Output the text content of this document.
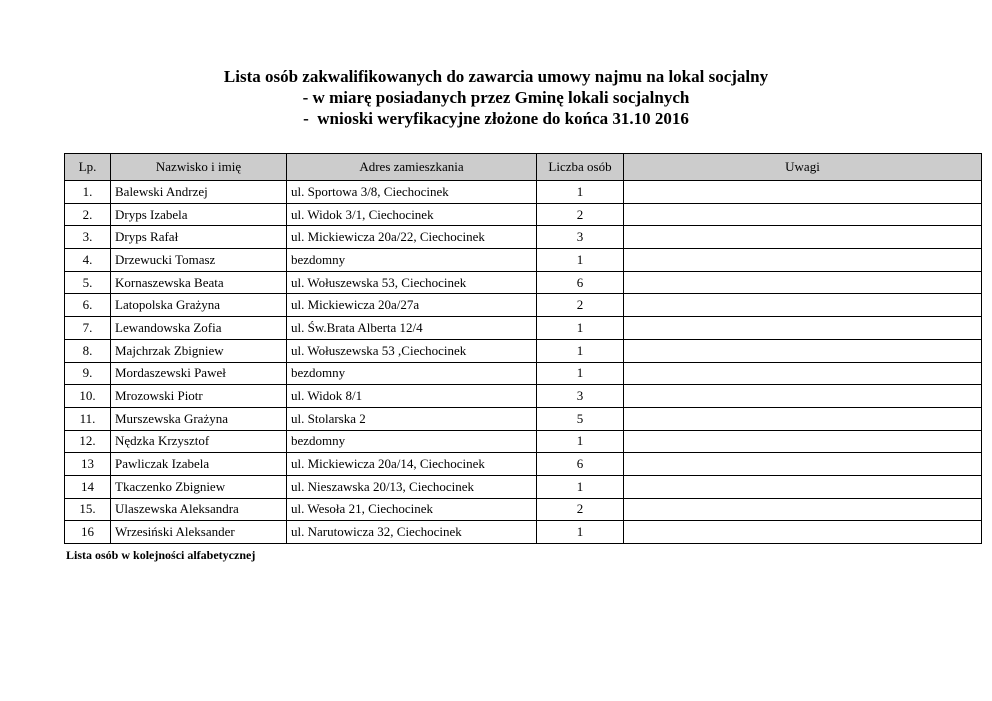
Lista osób zakwalifikowanych do zawarcia umowy najmu na lokal socjalny
- w miarę posiadanych przez Gminę lokali socjalnych
-  wnioski weryfikacyjne złożone do końca 31.10 2016
Lp.	Nazwisko i imię	Adres zamieszkania	Liczba osób	Uwagi
1.	Balewski Andrzej	ul. Sportowa 3/8, Ciechocinek	1	
2.	Dryps Izabela	ul. Widok 3/1, Ciechocinek	2	
3.	Dryps Rafał	ul. Mickiewicza 20a/22, Ciechocinek	3	
4.	Drzewucki Tomasz	bezdomny	1	
5.	Kornaszewska Beata	ul. Wołuszewska 53, Ciechocinek	6	
6.	Latopolska Grażyna	ul. Mickiewicza 20a/27a	2	
7.	Lewandowska Zofia	ul. Św.Brata Alberta 12/4	1	
8.	Majchrzak Zbigniew	ul. Wołuszewska 53 ,Ciechocinek	1	
9.	Mordaszewski Paweł	bezdomny	1	
10.	Mrozowski Piotr	ul. Widok 8/1	3	
11.	Murszewska Grażyna	ul. Stolarska 2	5	
12.	Nędzka Krzysztof	bezdomny	1	
13	Pawliczak Izabela	ul. Mickiewicza 20a/14, Ciechocinek	6	
14	Tkaczenko Zbigniew	ul. Nieszawska 20/13, Ciechocinek	1	
15.	Ulaszewska Aleksandra	ul. Wesoła 21, Ciechocinek	2	
16	Wrzesiński Aleksander	ul. Narutowicza 32, Ciechocinek	1	
Lista osób w kolejności alfabetycznej
